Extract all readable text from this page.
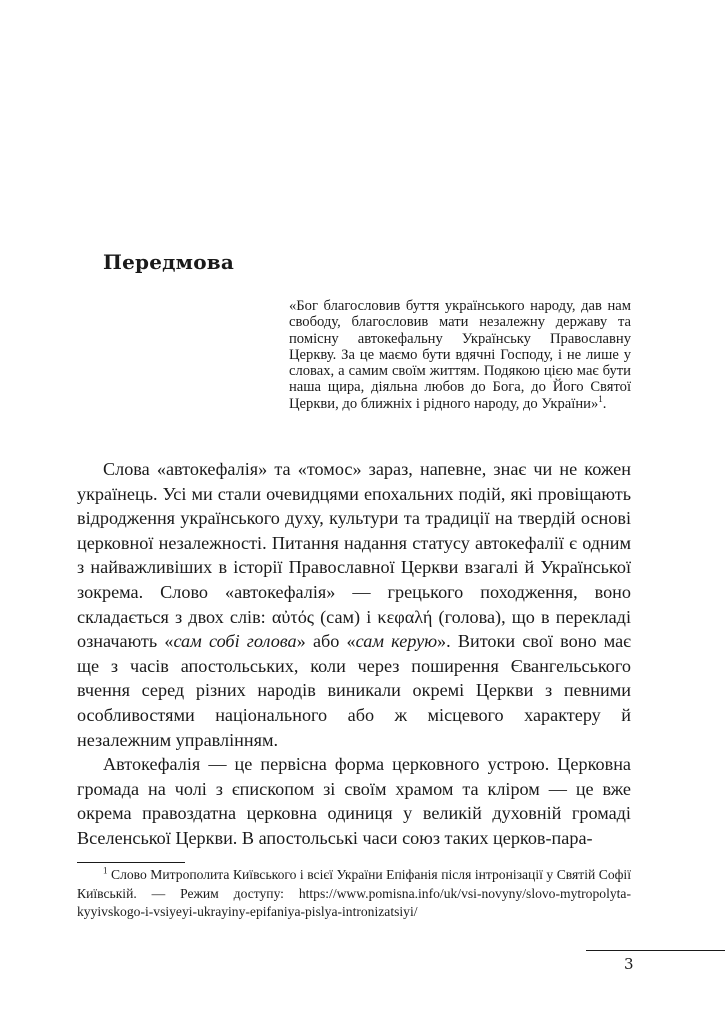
Передмова

«Бог благословив буття українського народу, дав нам свободу, благословив мати незалежну державу та помісну автокефальну Українську Православну Церкву. За це маємо бути вдячні Господу, і не лише у словах, а самим своїм життям. Подякою цією має бути наша щира, діяльна любов до Бога, до Його Святої Церкви, до ближніх і рідного народу, до України»$^1$.

Слова «автокефалія» та «томос» зараз, напевне, знає чи не кожен українець. Усі ми стали очевидцями епохальних подій, які провіщають відродження українського духу, культури та традиції на твердій основі церковної незалежності. Питання надання статусу автокефалії є одним з найважливіших в історії Православної Церкви взагалі й Української зокрема. Слово «автокефалія» — грецького походження, воно складається з двох слів: αὐτός (сам) і κεφαλή (голова), що в перекладі означають «сам собі голова» або «сам керую». Витоки свої воно має ще з часів апостольських, коли через поширення Євангельського вчення серед різних народів виникали окремі Церкви з певними особливостями національного або ж місцевого характеру й незалежним управлінням.

Автокефалія — це первісна форма церковного устрою. Церковна громада на чолі з єпископом зі своїм храмом та кліром — це вже окрема правоздатна церковна одиниця у великій духовній громаді Вселенської Церкви. В апостольські часи союз таких церков-пара-

$^1$ Слово Митрополита Київського і всієї України Епіфанія після інтронізації у Святій Софії Київській. — Режим доступу: https://www.pomisna.info/uk/vsi-novyny/slovo-mytropolyta-kyyivskogo-i-vsiyeyi-ukrayiny-epifaniya-pislya-intronizatsiyi/

3
